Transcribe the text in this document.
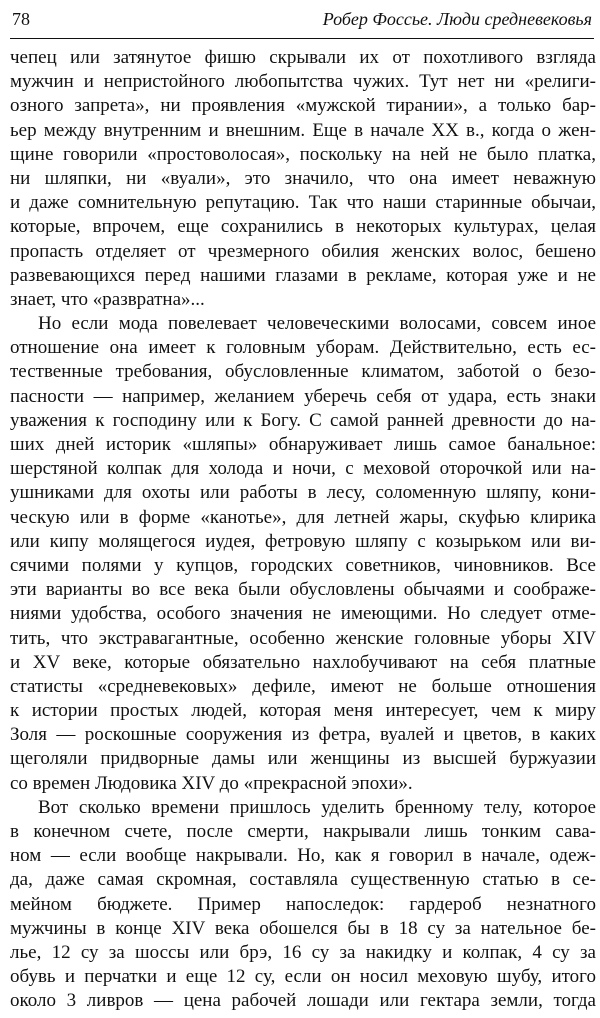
78	Робер Фоссье. Люди средневековья
чепец или затянутое фишю скрывали их от похотливого взгляда
мужчин и непристойного любопытства чужих. Тут нет ни «религи-
озного запрета», ни проявления «мужской тирании», а только бар-
ьер между внутренним и внешним. Еще в начале XX в., когда о жен-
щине говорили «простоволосая», поскольку на ней не было платка,
ни шляпки, ни «вуали», это значило, что она имеет неважную
и даже сомнительную репутацию. Так что наши старинные обычаи,
которые, впрочем, еще сохранились в некоторых культурах, целая
пропасть отделяет от чрезмерного обилия женских волос, бешено
развевающихся перед нашими глазами в рекламе, которая уже и не
знает, что «развратна»...
Но если мода повелевает человеческими волосами, совсем иное
отношение она имеет к головным уборам. Действительно, есть ес-
тественные требования, обусловленные климатом, заботой о безо-
пасности — например, желанием уберечь себя от удара, есть знаки
уважения к господину или к Богу. С самой ранней древности до на-
ших дней историк «шляпы» обнаруживает лишь самое банальное:
шерстяной колпак для холода и ночи, с меховой оторочкой или на-
ушниками для охоты или работы в лесу, соломенную шляпу, кони-
ческую или в форме «канотье», для летней жары, скуфью клирика
или кипу молящегося иудея, фетровую шляпу с козырьком или ви-
сячими полями у купцов, городских советников, чиновников. Все
эти варианты во все века были обусловлены обычаями и соображе-
ниями удобства, особого значения не имеющими. Но следует отме-
тить, что экстравагантные, особенно женские головные уборы XIV
и XV веке, которые обязательно нахлобучивают на себя платные
статисты «средневековых» дефиле, имеют не больше отношения
к истории простых людей, которая меня интересует, чем к миру
Золя — роскошные сооружения из фетра, вуалей и цветов, в каких
щеголяли придворные дамы или женщины из высшей буржуазии
со времен Людовика XIV до «прекрасной эпохи».
Вот сколько времени пришлось уделить бренному телу, которое
в конечном счете, после смерти, накрывали лишь тонким сава-
ном — если вообще накрывали. Но, как я говорил в начале, одеж-
да, даже самая скромная, составляла существенную статью в се-
мейном бюджете. Пример напоследок: гардероб незнатного
мужчины в конце XIV века обошелся бы в 18 су за нательное бе-
лье, 12 су за шоссы или брэ, 16 су за накидку и колпак, 4 су за
обувь и перчатки и еще 12 су, если он носил меховую шубу, итого
около 3 ливров — цена рабочей лошади или гектара земли, тогда
